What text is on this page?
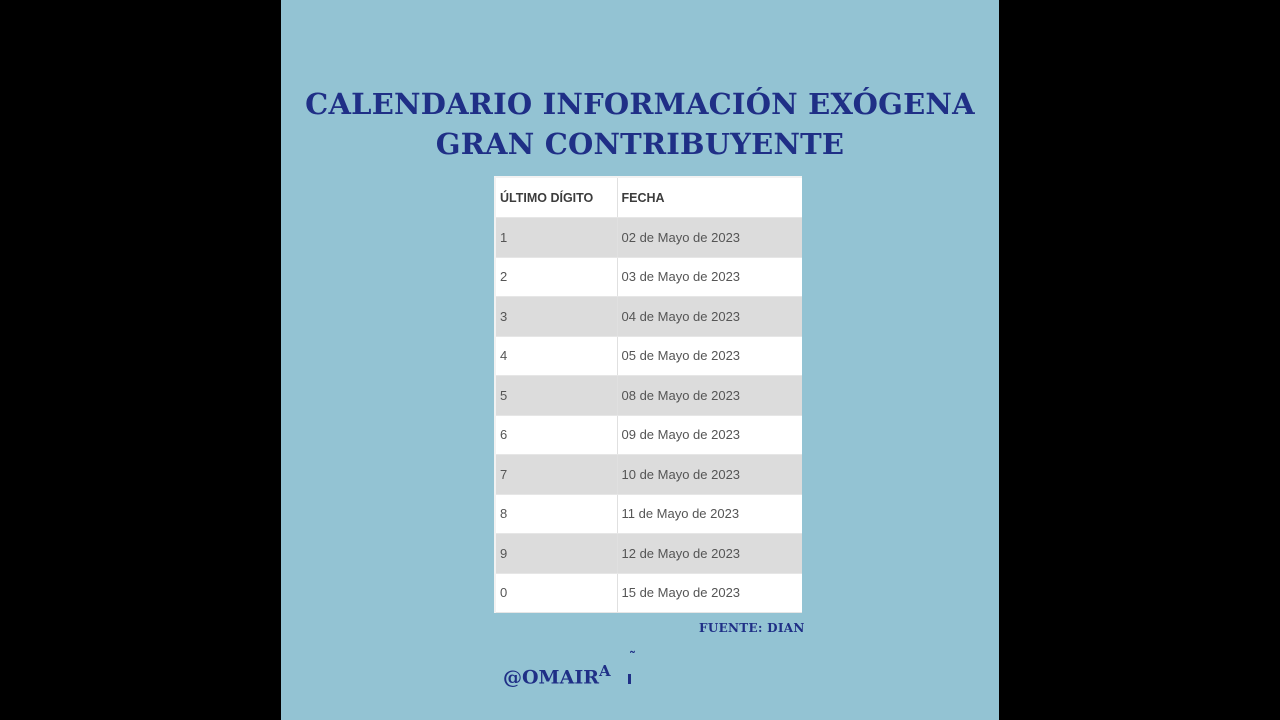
CALENDARIO INFORMACIÓN EXÓGENA
GRAN CONTRIBUYENTE
ÚLTIMO DÍGITO	FECHA
1	02 de Mayo de 2023
2	03 de Mayo de 2023
3	04 de Mayo de 2023
4	05 de Mayo de 2023
5	08 de Mayo de 2023
6	09 de Mayo de 2023
7	10 de Mayo de 2023
8	11 de Mayo de 2023
9	12 de Mayo de 2023
0	15 de Mayo de 2023
FUENTE: DIAN
$@OMAIR^A$
˜
